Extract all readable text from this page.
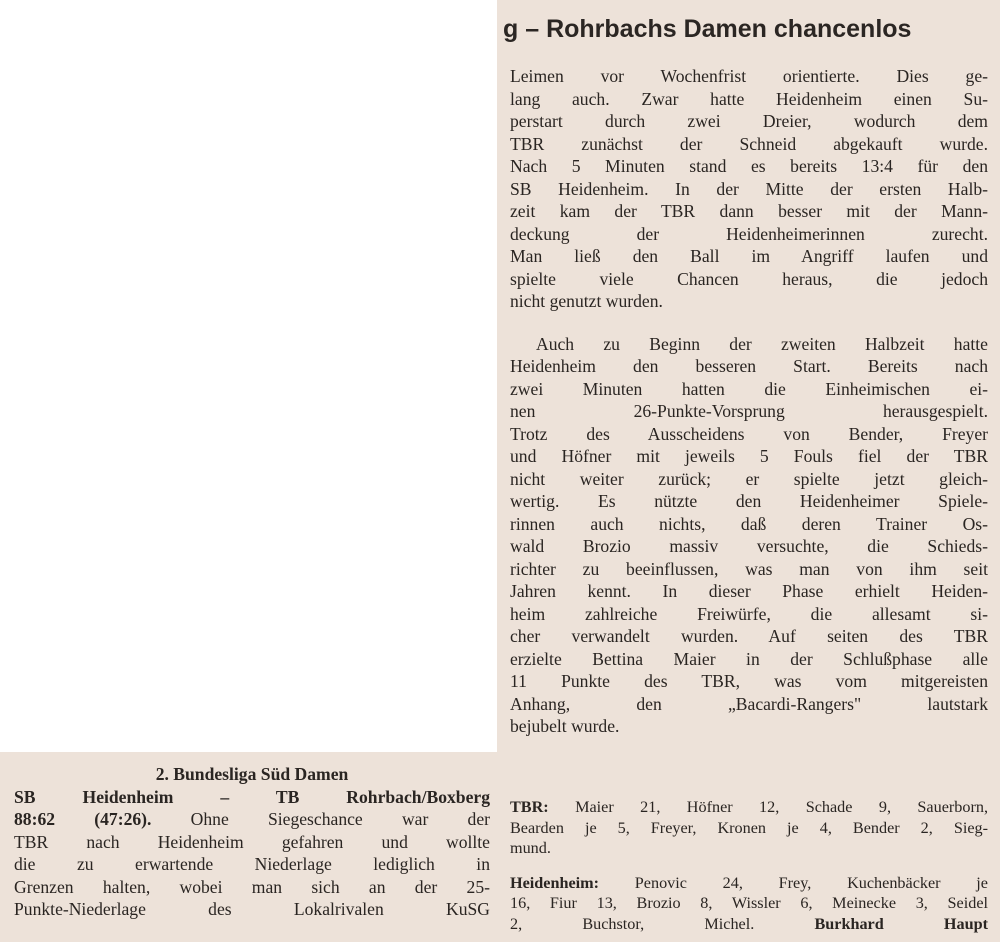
g – Rohrbachs Damen chancenlos

Leimen vor Wochenfrist orientierte. Dies ge-

lang auch. Zwar hatte Heidenheim einen Su-

perstart durch zwei Dreier, wodurch dem

TBR zunächst der Schneid abgekauft wurde.

Nach 5 Minuten stand es bereits 13:4 für den

SB Heidenheim. In der Mitte der ersten Halb-

zeit kam der TBR dann besser mit der Mann-

deckung der Heidenheimerinnen zurecht.

Man ließ den Ball im Angriff laufen und

spielte viele Chancen heraus, die jedoch

nicht genutzt wurden.

Auch zu Beginn der zweiten Halbzeit hatte

Heidenheim den besseren Start. Bereits nach

zwei Minuten hatten die Einheimischen ei-

nen 26-Punkte-Vorsprung herausgespielt.

Trotz des Ausscheidens von Bender, Freyer

und Höfner mit jeweils 5 Fouls fiel der TBR

nicht weiter zurück; er spielte jetzt gleich-

wertig. Es nützte den Heidenheimer Spiele-

rinnen auch nichts, daß deren Trainer Os-

wald Brozio massiv versuchte, die Schieds-

richter zu beeinflussen, was man von ihm seit

Jahren kennt. In dieser Phase erhielt Heiden-

heim zahlreiche Freiwürfe, die allesamt si-

cher verwandelt wurden. Auf seiten des TBR

erzielte Bettina Maier in der Schlußphase alle

11 Punkte des TBR, was vom mitgereisten

Anhang, den „Bacardi-Rangers" lautstark

bejubelt wurde.

2. Bundesliga Süd Damen

SB Heidenheim – TB Rohrbach/Boxberg

88:62 (47:26). Ohne Siegeschance war der

TBR nach Heidenheim gefahren und wollte

die zu erwartende Niederlage lediglich in

Grenzen halten, wobei man sich an der 25-

Punkte-Niederlage des Lokalrivalen KuSG

TBR: Maier 21, Höfner 12, Schade 9, Sauerborn,

Bearden je 5, Freyer, Kronen je 4, Bender 2, Sieg-

mund.

Heidenheim: Penovic 24, Frey, Kuchenbäcker je

16, Fiur 13, Brozio 8, Wissler 6, Meinecke 3, Seidel

2, Buchstor, Michel.	Burkhard Haupt
